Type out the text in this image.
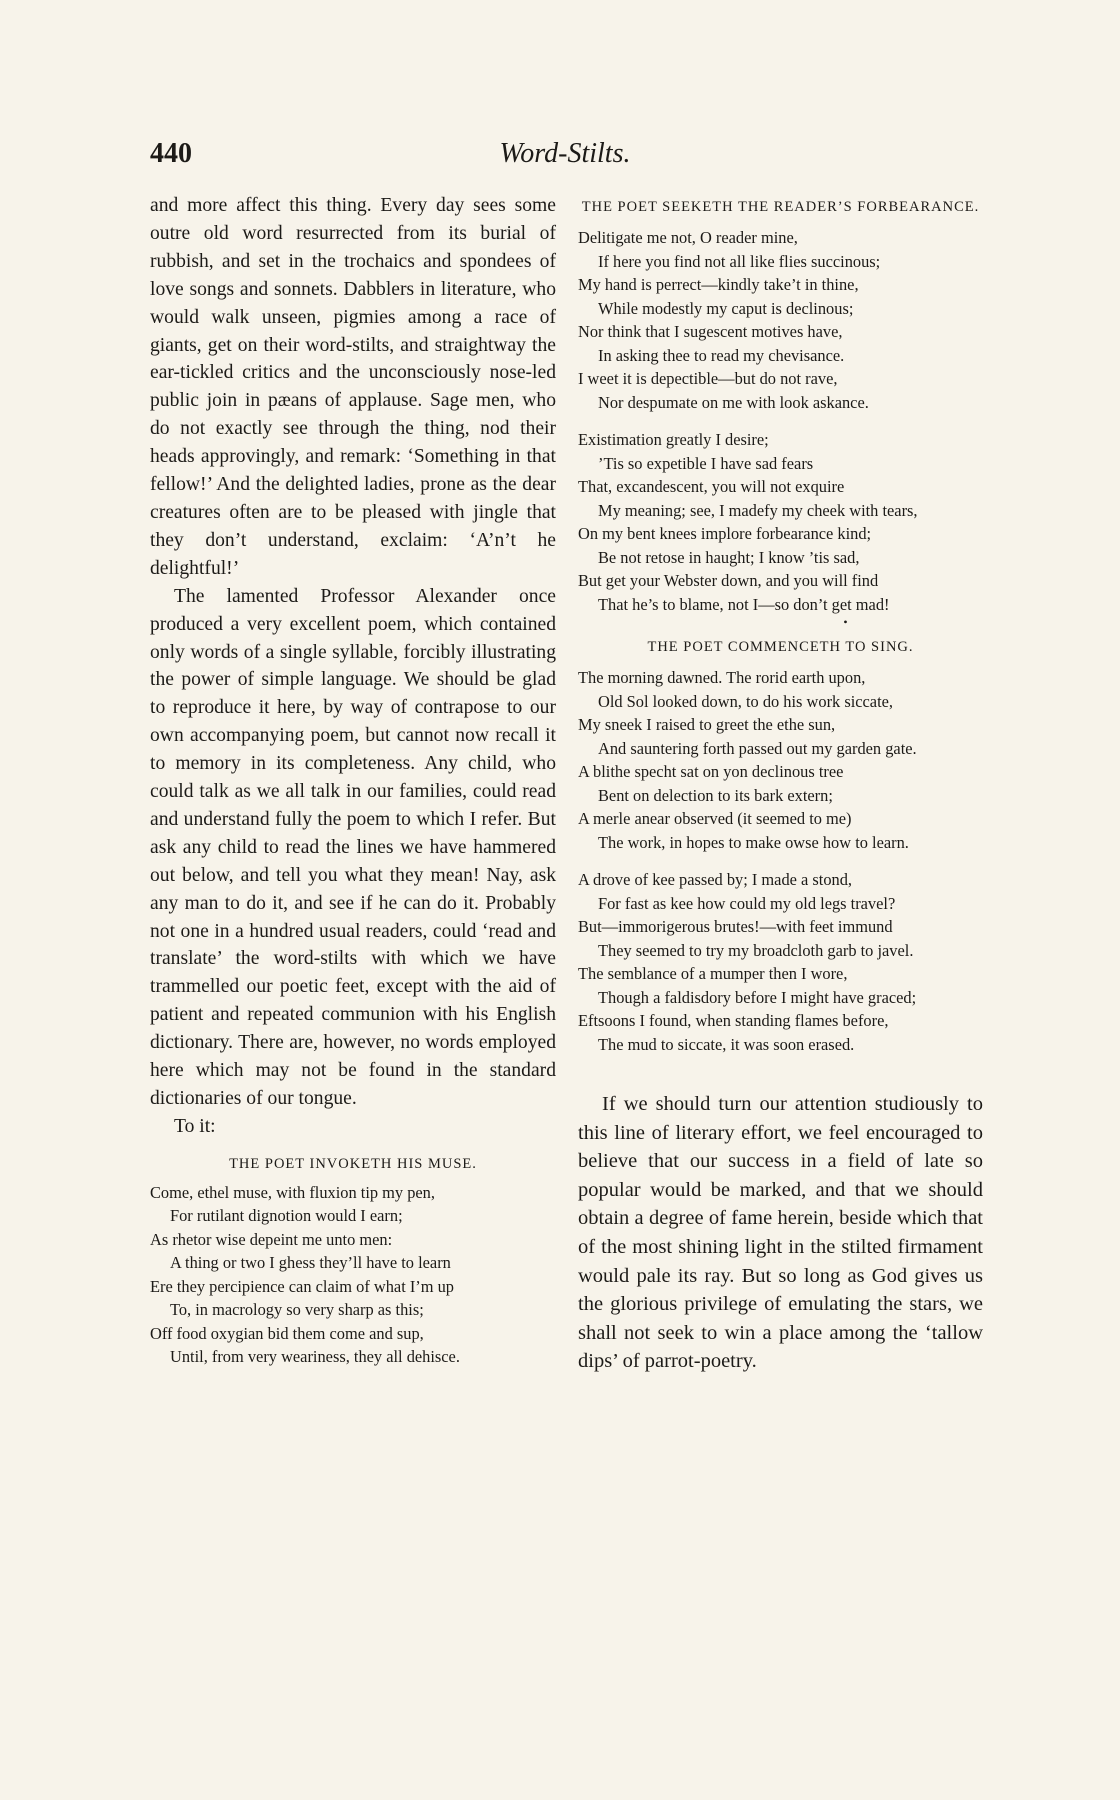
440	Word-Stilts.

and more affect this thing. Every day sees some outre old word resurrected from its burial of rubbish, and set in the trochaics and spondees of love songs and sonnets. Dabblers in literature, who would walk unseen, pigmies among a race of giants, get on their word-stilts, and straightway the ear-tickled critics and the unconsciously nose-led public join in pæans of applause. Sage men, who do not exactly see through the thing, nod their heads approvingly, and remark: ‘Something in that fellow!’ And the delighted ladies, prone as the dear creatures often are to be pleased with jingle that they don’t understand, exclaim: ‘A’n’t he delightful!’

The lamented Professor Alexander once produced a very excellent poem, which contained only words of a single syllable, forcibly illustrating the power of simple language. We should be glad to reproduce it here, by way of contrapose to our own accompanying poem, but cannot now recall it to memory in its completeness. Any child, who could talk as we all talk in our families, could read and understand fully the poem to which I refer. But ask any child to read the lines we have hammered out below, and tell you what they mean! Nay, ask any man to do it, and see if he can do it. Probably not one in a hundred usual readers, could ‘read and translate’ the word-stilts with which we have trammelled our poetic feet, except with the aid of patient and repeated communion with his English dictionary. There are, however, no words employed here which may not be found in the standard dictionaries of our tongue.

To it:

THE POET INVOKETH HIS MUSE.

Come, ethel muse, with fluxion tip my pen,
For rutilant dignotion would I earn;
As rhetor wise depeint me unto men:
A thing or two I ghess they’ll have to learn
Ere they percipience can claim of what I’m up
To, in macrology so very sharp as this;
Off food oxygian bid them come and sup,
Until, from very weariness, they all dehisce.

THE POET SEEKETH THE READER’S FORBEARANCE.

Delitigate me not, O reader mine,
If here you find not all like flies succinous;
My hand is perrect—kindly take’t in thine,
While modestly my caput is declinous;
Nor think that I sugescent motives have,
In asking thee to read my chevisance.
I weet it is depectible—but do not rave,
Nor despumate on me with look askance.
Existimation greatly I desire;
’Tis so expetible I have sad fears
That, excandescent, you will not exquire
My meaning; see, I madefy my cheek with tears,
On my bent knees implore forbearance kind;
Be not retose in haught; I know ’tis sad,
But get your Webster down, and you will find
That he’s to blame, not I—so don’t get mad!
•

THE POET COMMENCETH TO SING.

The morning dawned. The rorid earth upon,
Old Sol looked down, to do his work siccate,
My sneek I raised to greet the ethe sun,
And sauntering forth passed out my garden gate.
A blithe specht sat on yon declinous tree
Bent on delection to its bark extern;
A merle anear observed (it seemed to me)
The work, in hopes to make owse how to learn.
A drove of kee passed by; I made a stond,
For fast as kee how could my old legs travel?
But—immorigerous brutes!—with feet immund
They seemed to try my broadcloth garb to javel.
The semblance of a mumper then I wore,
Though a faldisdory before I might have graced;
Eftsoons I found, when standing flames before,
The mud to siccate, it was soon erased.

If we should turn our attention studiously to this line of literary effort, we feel encouraged to believe that our success in a field of late so popular would be marked, and that we should obtain a degree of fame herein, beside which that of the most shining light in the stilted firmament would pale its ray. But so long as God gives us the glorious privilege of emulating the stars, we shall not seek to win a place among the ‘tallow dips’ of parrot-poetry.
